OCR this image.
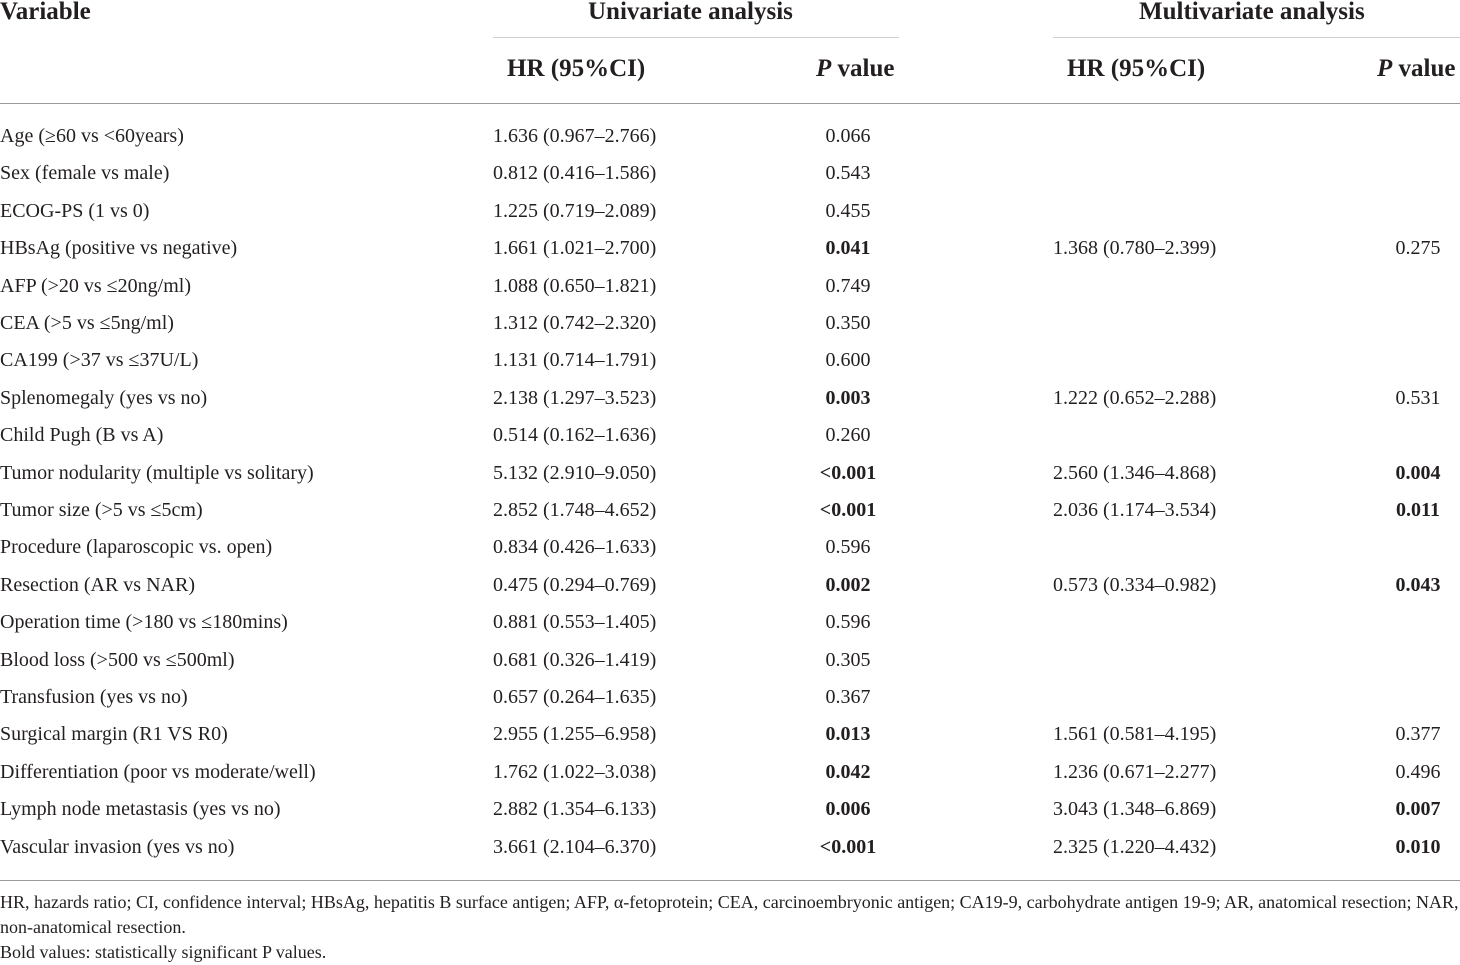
Variable	Univariate analysis	Multivariate analysis
HR (95%CI)	P value	HR (95%CI)	P value
Age (≥60 vs <60years)	1.636 (0.967–2.766)	0.066
Sex (female vs male)	0.812 (0.416–1.586)	0.543
ECOG-PS (1 vs 0)	1.225 (0.719–2.089)	0.455
HBsAg (positive vs negative)	1.661 (1.021–2.700)	0.041	1.368 (0.780–2.399)	0.275
AFP (>20 vs ≤20ng/ml)	1.088 (0.650–1.821)	0.749
CEA (>5 vs ≤5ng/ml)	1.312 (0.742–2.320)	0.350
CA199 (>37 vs ≤37U/L)	1.131 (0.714–1.791)	0.600
Splenomegaly (yes vs no)	2.138 (1.297–3.523)	0.003	1.222 (0.652–2.288)	0.531
Child Pugh (B vs A)	0.514 (0.162–1.636)	0.260
Tumor nodularity (multiple vs solitary)	5.132 (2.910–9.050)	<0.001	2.560 (1.346–4.868)	0.004
Tumor size (>5 vs ≤5cm)	2.852 (1.748–4.652)	<0.001	2.036 (1.174–3.534)	0.011
Procedure (laparoscopic vs. open)	0.834 (0.426–1.633)	0.596
Resection (AR vs NAR)	0.475 (0.294–0.769)	0.002	0.573 (0.334–0.982)	0.043
Operation time (>180 vs ≤180mins)	0.881 (0.553–1.405)	0.596
Blood loss (>500 vs ≤500ml)	0.681 (0.326–1.419)	0.305
Transfusion (yes vs no)	0.657 (0.264–1.635)	0.367
Surgical margin (R1 VS R0)	2.955 (1.255–6.958)	0.013	1.561 (0.581–4.195)	0.377
Differentiation (poor vs moderate/well)	1.762 (1.022–3.038)	0.042	1.236 (0.671–2.277)	0.496
Lymph node metastasis (yes vs no)	2.882 (1.354–6.133)	0.006	3.043 (1.348–6.869)	0.007
Vascular invasion (yes vs no)	3.661 (2.104–6.370)	<0.001	2.325 (1.220–4.432)	0.010
HR, hazards ratio; CI, confidence interval; HBsAg, hepatitis B surface antigen; AFP, α-fetoprotein; CEA, carcinoembryonic antigen; CA19-9, carbohydrate antigen 19-9; AR, anatomical resection; NAR, non-anatomical resection.
Bold values: statistically significant P values.
